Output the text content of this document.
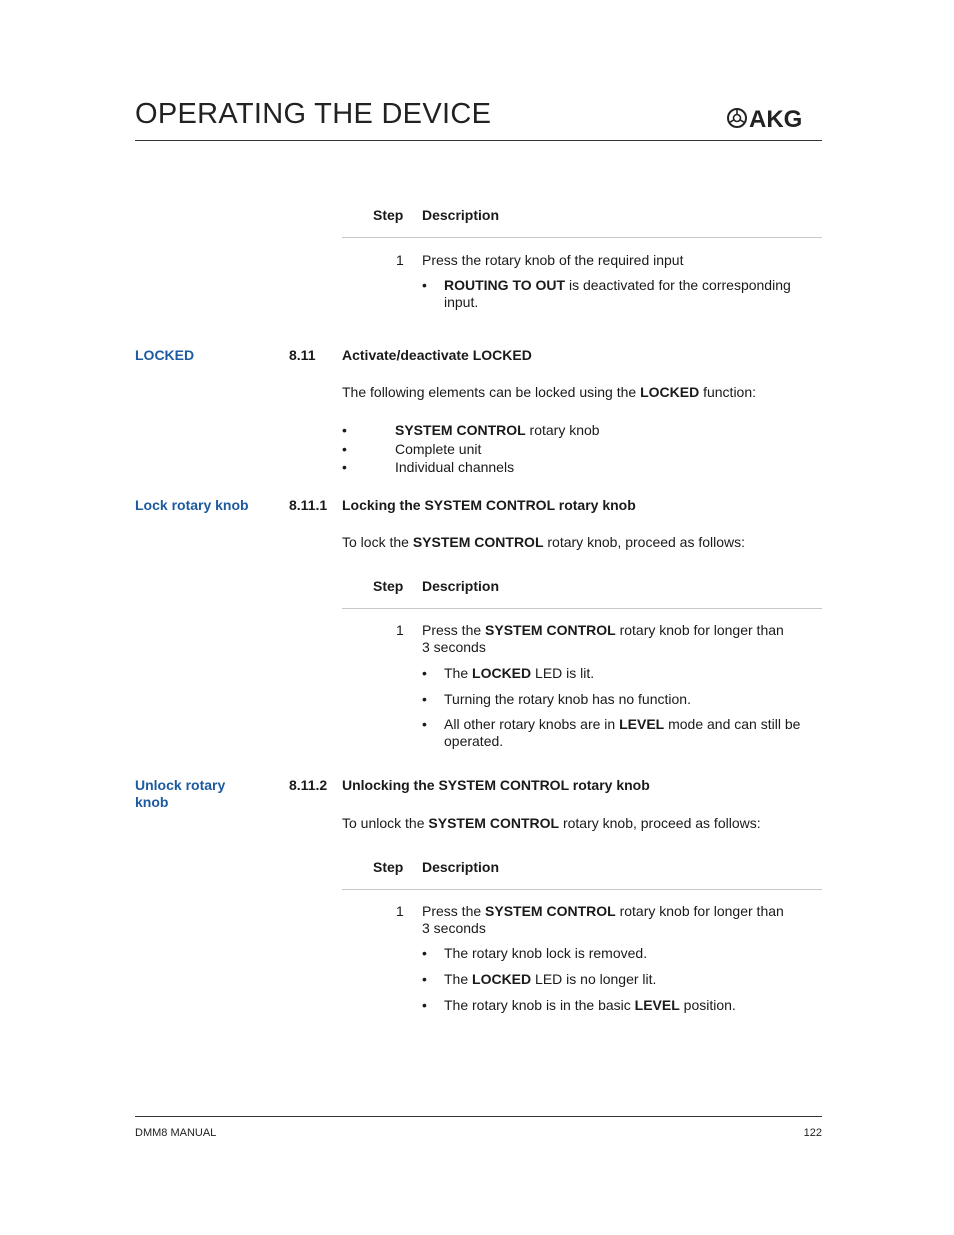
OPERATING THE DEVICE	AKG
Step Description
1 Press the rotary knob of the required input
• ROUTING TO OUT is deactivated for the corresponding
input.
LOCKED	8.11 Activate/deactivate LOCKED
The following elements can be locked using the LOCKED function:
•	SYSTEM CONTROL rotary knob
•	Complete unit
•	Individual channels
Lock rotary knob	8.11.1 Locking the SYSTEM CONTROL rotary knob
To lock the SYSTEM CONTROL rotary knob, proceed as follows:
Step Description
1 Press the SYSTEM CONTROL rotary knob for longer than
3 seconds
• The LOCKED LED is lit.
• Turning the rotary knob has no function.
• All other rotary knobs are in LEVEL mode and can still be
operated.
Unlock rotary
knob
8.11.2 Unlocking the SYSTEM CONTROL rotary knob
To unlock the SYSTEM CONTROL rotary knob, proceed as follows:
Step Description
1 Press the SYSTEM CONTROL rotary knob for longer than
3 seconds
• The rotary knob lock is removed.
• The LOCKED LED is no longer lit.
• The rotary knob is in the basic LEVEL position.
DMM8 MANUAL	122
